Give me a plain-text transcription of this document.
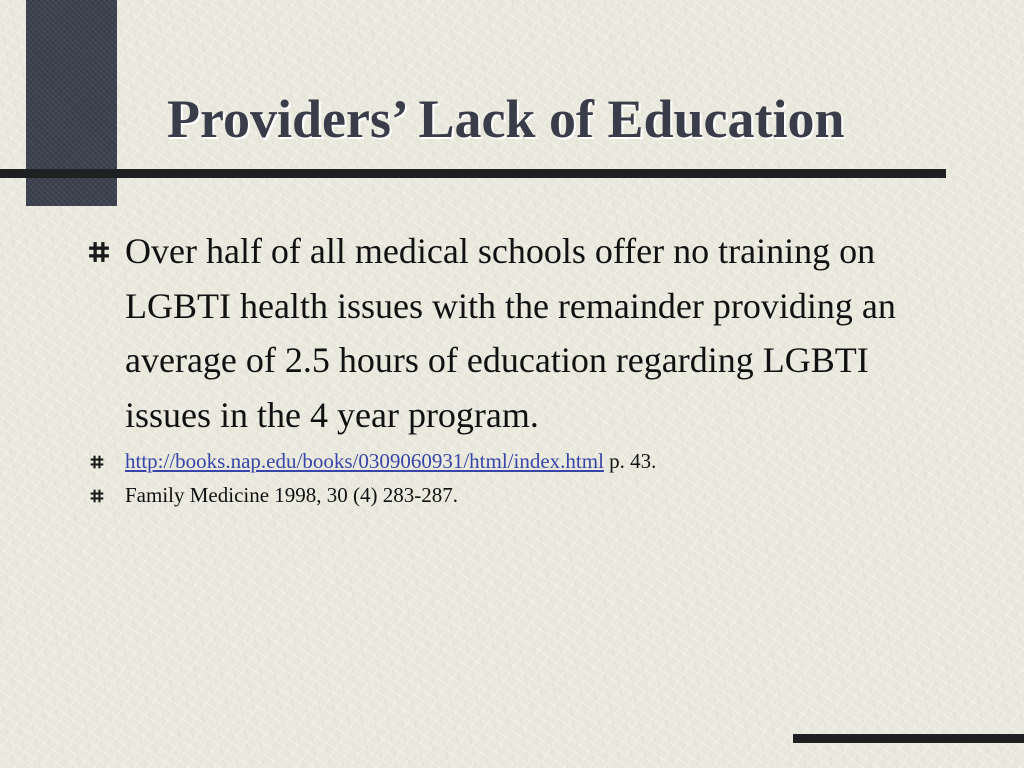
Providers’ Lack of Education
Over half of all medical schools offer no training on LGBTI health issues with the remainder providing an average of 2.5 hours of education regarding LGBTI issues in the 4 year program.
http://books.nap.edu/books/0309060931/html/index.html p. 43.
Family Medicine 1998, 30 (4) 283-287.
